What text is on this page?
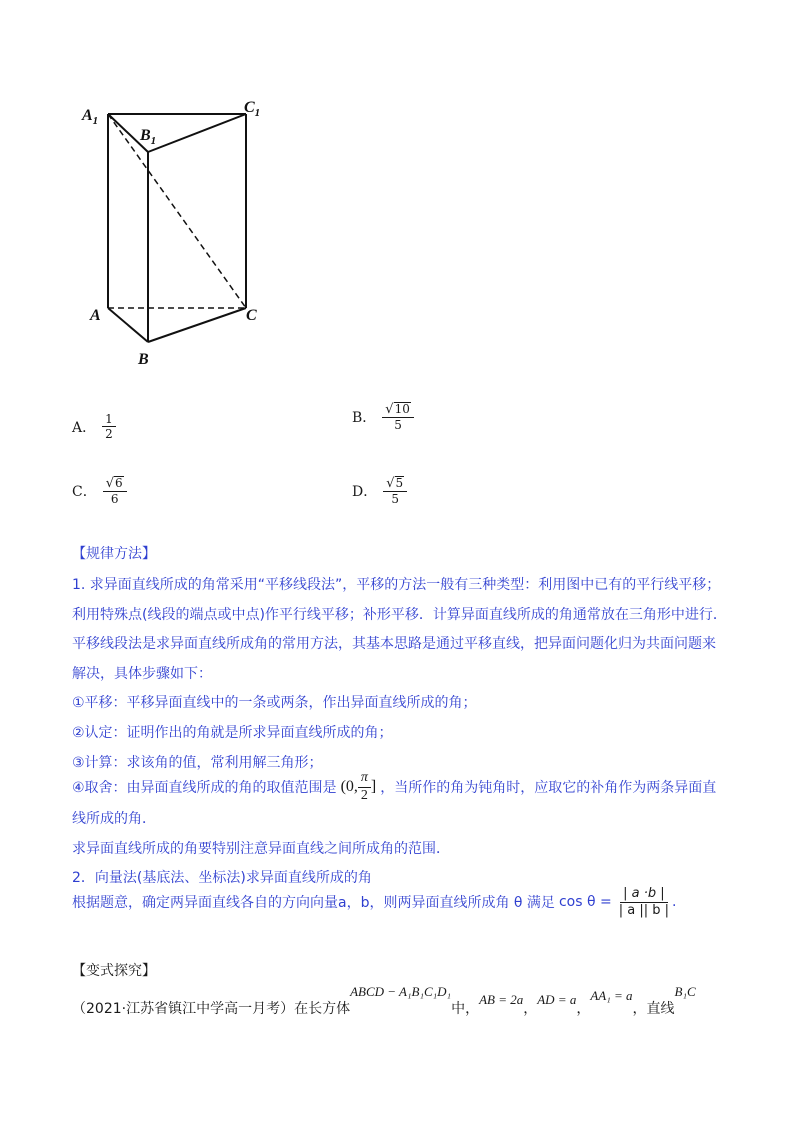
$A_1$
$B_1$
$C_1$
A
B
C
A． $\frac{1}{2}$	B． $\frac{√ 10}{5}$
C． $\frac{√ 6}{6}$	D． $\frac{√ 5}{5}$
【规律方法】
1. 求异面直线所成的角常采用“平移线段法”，平移的方法一般有三种类型：利用图中已有的平行线平移；
利用特殊点(线段的端点或中点)作平行线平移；补形平移．计算异面直线所成的角通常放在三角形中进行．
平移线段法是求异面直线所成角的常用方法，其基本思路是通过平移直线，把异面问题化归为共面问题来
解决，具体步骤如下：
①平移：平移异面直线中的一条或两条，作出异面直线所成的角；
②认定：证明作出的角就是所求异面直线所成的角；
③计算：求该角的值，常利用解三角形；
④取舍：由异面直线所成的角的取值范围是 (0, $\frac{\pi}{2}$ ] ，当所作的角为钝角时，应取它的补角作为两条异面直
线所成的角．
求异面直线所成的角要特别注意异面直线之间所成角的范围．
2．向量法(基底法、坐标法)求异面直线所成的角
根据题意，确定两异面直线各自的方向向量a，b，则两异面直线所成角 θ 满足 $\cos \theta = \frac{| a \cdot b |}{| a || b |}$ .
【变式探究】
（2021·江苏省镇江中学高一月考）在长方体
ABCD − A₁B₁C₁D₁
中，
AB = 2a
，
AD = a
，
AA₁ = a
， 直线
B₁C
